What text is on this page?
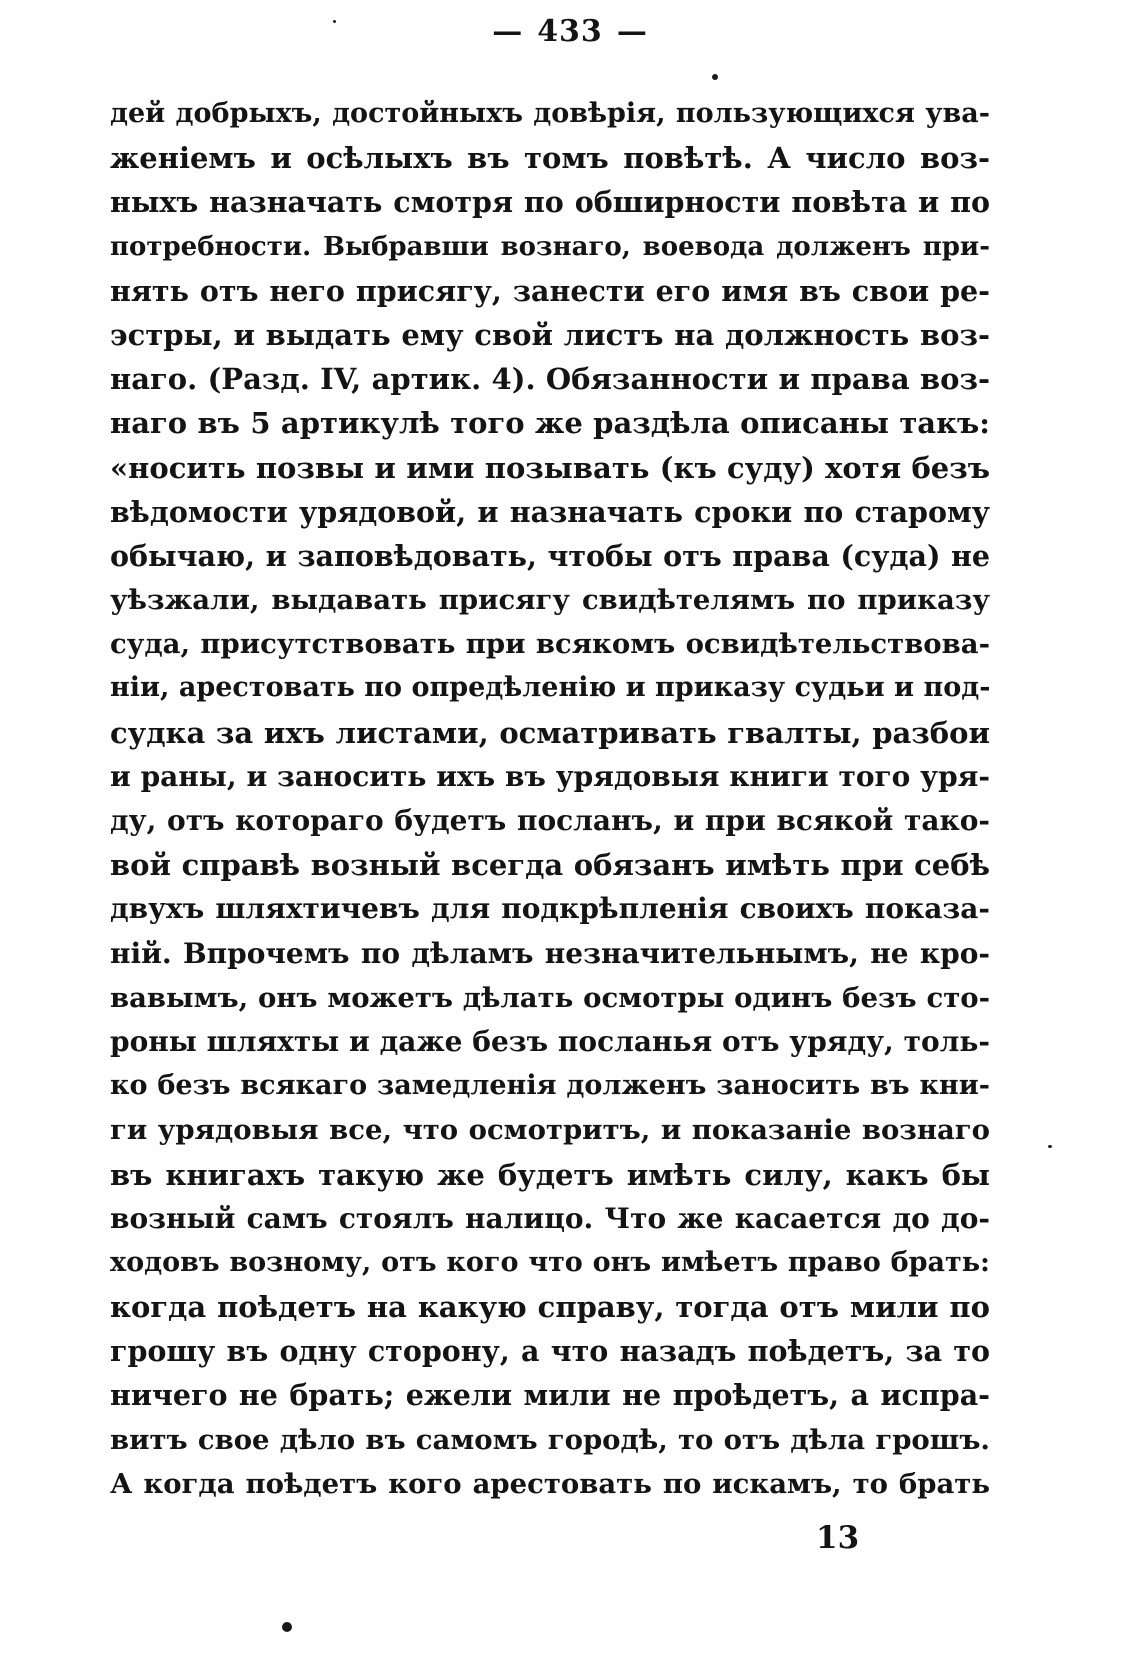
— 433 —
дей добрыхъ, достойныхъ довѣрія, пользующихся ува-
женіемъ и осѣлыхъ въ томъ повѣтѣ. А число воз-
ныхъ назначать смотря по обширности повѣта и по
потребности. Выбравши вознаго, воевода долженъ при-
нять отъ него присягу, занести его имя въ свои ре-
эстры, и выдать ему свой листъ на должность воз-
наго. (Разд. IV, артик. 4). Обязанности и права воз-
наго въ 5 артикулѣ того же раздѣла описаны такъ:
«носить позвы и ими позывать (къ суду) хотя безъ
вѣдомости урядовой, и назначать сроки по старому
обычаю, и заповѣдовать, чтобы отъ права (суда) не
уѣзжали, выдавать присягу свидѣтелямъ по приказу
суда, присутствовать при всякомъ освидѣтельствова-
ніи, арестовать по опредѣленію и приказу судьи и под-
судка за ихъ листами, осматривать гвалты, разбои
и раны, и заносить ихъ въ урядовыя книги того уря-
ду, отъ котораго будетъ посланъ, и при всякой тако-
вой справѣ возный всегда обязанъ имѣть при себѣ
двухъ шляхтичевъ для подкрѣпленія своихъ показа-
ній. Впрочемъ по дѣламъ незначительнымъ, не кро-
вавымъ, онъ можетъ дѣлать осмотры одинъ безъ сто-
роны шляхты и даже безъ посланья отъ уряду, толь-
ко безъ всякаго замедленія долженъ заносить въ кни-
ги урядовыя все, что осмотритъ, и показаніе вознаго
въ книгахъ такую же будетъ имѣть силу, какъ бы
возный самъ стоялъ налицо. Что же касается до до-
ходовъ возному, отъ кого что онъ имѣетъ право брать:
когда поѣдетъ на какую справу, тогда отъ мили по
грошу въ одну сторону, а что назадъ поѣдетъ, за то
ничего не брать; ежели мили не проѣдетъ, а испра-
витъ свое дѣло въ самомъ городѣ, то отъ дѣла грошъ.
А когда поѣдетъ кого арестовать по искамъ, то брать
13
